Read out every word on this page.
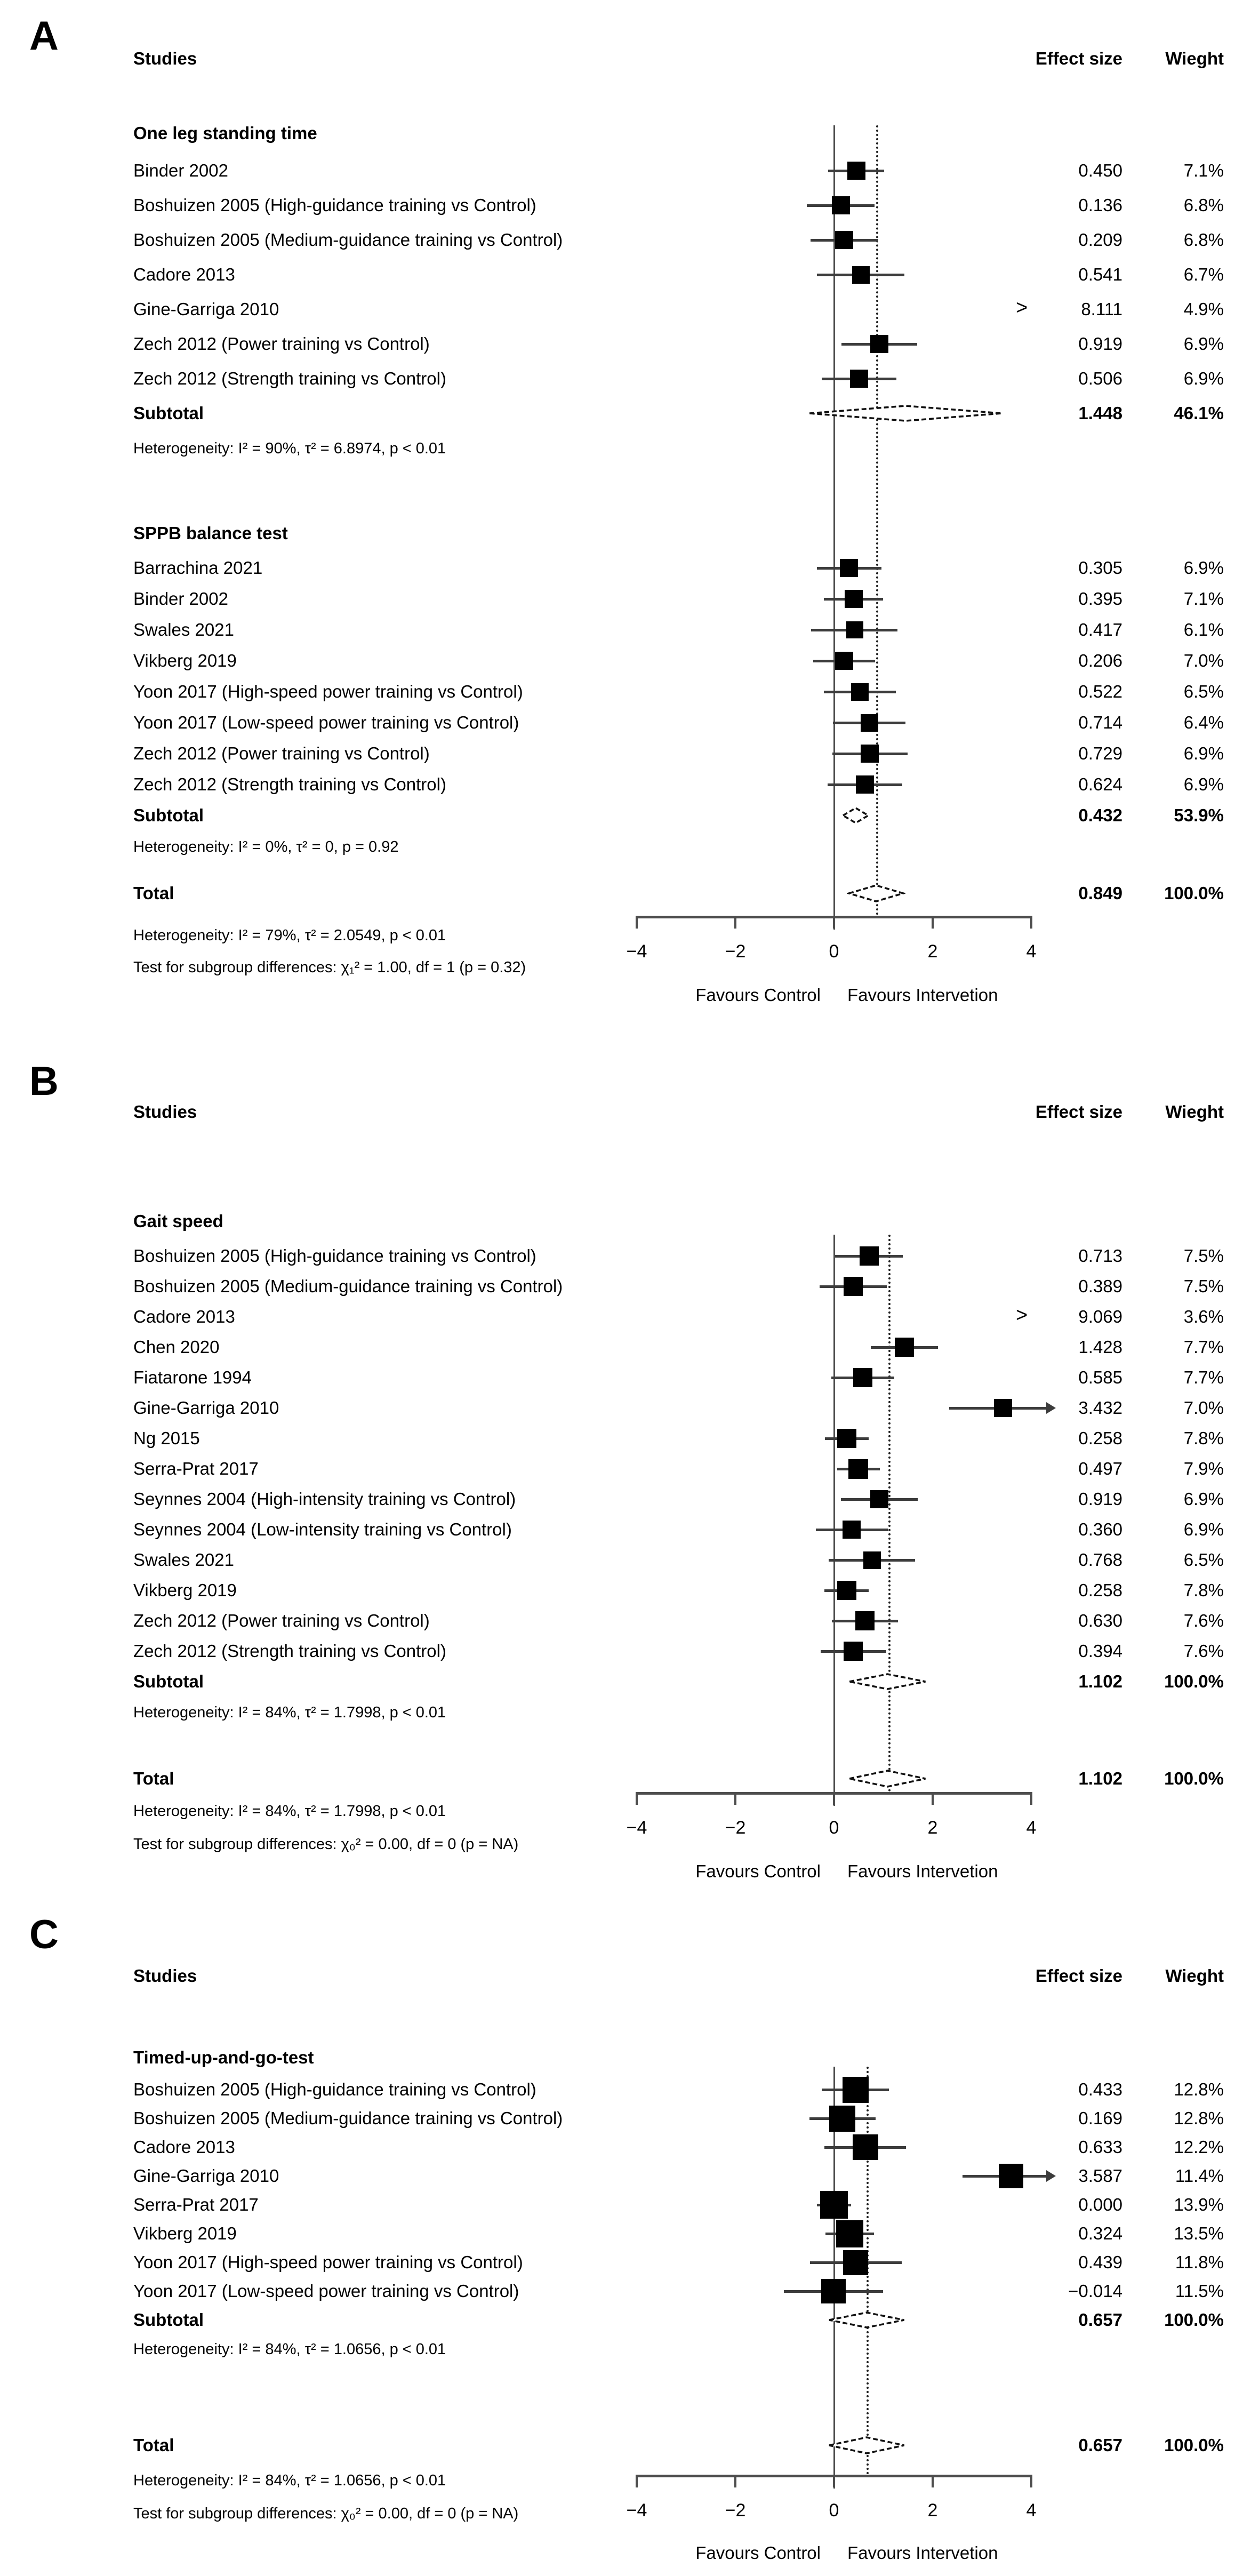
A
B
C
Studies	Effect size	Wieght
One leg standing time
Binder 2002	0.450	7.1%
Boshuizen 2005 (High-guidance training vs Control)	0.136	6.8%
Boshuizen 2005 (Medium-guidance training vs Control)	0.209	6.8%
Cadore 2013	0.541	6.7%
Gine-Garriga 2010	8.111	4.9%
>
Zech 2012 (Power training vs Control)	0.919	6.9%
Zech 2012 (Strength training vs Control)	0.506	6.9%
Subtotal	1.448	46.1%
Heterogeneity: I² = 90%, τ² = 6.8974, p < 0.01
SPPB balance test
Barrachina 2021	0.305	6.9%
Binder 2002	0.395	7.1%
Swales 2021	0.417	6.1%
Vikberg 2019	0.206	7.0%
Yoon 2017 (High-speed power training vs Control)	0.522	6.5%
Yoon 2017 (Low-speed power training vs Control)	0.714	6.4%
Zech 2012 (Power training vs Control)	0.729	6.9%
Zech 2012 (Strength training vs Control)	0.624	6.9%
Subtotal	0.432	53.9%
Heterogeneity: I² = 0%, τ² = 0, p = 0.92
Total	0.849	100.0%
Heterogeneity: I² = 79%, τ² = 2.0549, p < 0.01
Test for subgroup differences: χ₁² = 1.00, df = 1 (p = 0.32)
−4	−2	0	2	4
Favours Control Favours Intervetion
Studies	Effect size	Wieght
Gait speed
Boshuizen 2005 (High-guidance training vs Control)	0.713	7.5%
Boshuizen 2005 (Medium-guidance training vs Control)	0.389	7.5%
Cadore 2013	9.069	3.6%
>
Chen 2020	1.428	7.7%
Fiatarone 1994	0.585	7.7%
Gine-Garriga 2010	3.432	7.0%
Ng 2015	0.258	7.8%
Serra-Prat 2017	0.497	7.9%
Seynnes 2004 (High-intensity training vs Control)	0.919	6.9%
Seynnes 2004 (Low-intensity training vs Control)	0.360	6.9%
Swales 2021	0.768	6.5%
Vikberg 2019	0.258	7.8%
Zech 2012 (Power training vs Control)	0.630	7.6%
Zech 2012 (Strength training vs Control)	0.394	7.6%
Subtotal	1.102	100.0%
Heterogeneity: I² = 84%, τ² = 1.7998, p < 0.01
Total	1.102	100.0%
Heterogeneity: I² = 84%, τ² = 1.7998, p < 0.01
Test for subgroup differences: χ₀² = 0.00, df = 0 (p = NA)
−4	−2	0	2	4
Favours Control Favours Intervetion
Studies	Effect size	Wieght
Timed-up-and-go-test
Boshuizen 2005 (High-guidance training vs Control)	0.433	12.8%
Boshuizen 2005 (Medium-guidance training vs Control)	0.169	12.8%
Cadore 2013	0.633	12.2%
Gine-Garriga 2010	3.587	11.4%
Serra-Prat 2017	0.000	13.9%
Vikberg 2019	0.324	13.5%
Yoon 2017 (High-speed power training vs Control)	0.439	11.8%
Yoon 2017 (Low-speed power training vs Control)	−0.014	11.5%
Subtotal	0.657	100.0%
Heterogeneity: I² = 84%, τ² = 1.0656, p < 0.01
Total	0.657	100.0%
Heterogeneity: I² = 84%, τ² = 1.0656, p < 0.01
Test for subgroup differences: χ₀² = 0.00, df = 0 (p = NA)	−4	−2	0	2	4
Favours Control Favours Intervetion
